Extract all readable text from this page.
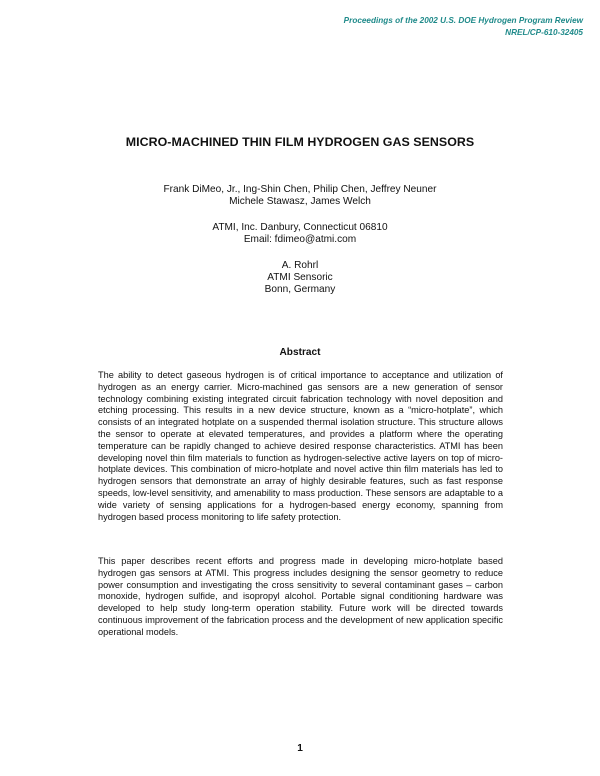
Proceedings of the 2002 U.S. DOE Hydrogen Program Review
NREL/CP-610-32405
MICRO-MACHINED THIN FILM HYDROGEN GAS SENSORS
Frank DiMeo, Jr., Ing-Shin Chen, Philip Chen, Jeffrey Neuner
Michele Stawasz, James Welch
ATMI, Inc. Danbury, Connecticut 06810
Email: fdimeo@atmi.com
A. Rohrl
ATMI Sensoric
Bonn, Germany
Abstract
The ability to detect gaseous hydrogen is of critical importance to acceptance and utilization of hydrogen as an energy carrier. Micro-machined gas sensors are a new generation of sensor technology combining existing integrated circuit fabrication technology with novel deposition and etching processing. This results in a new device structure, known as a “micro-hotplate”, which consists of an integrated hotplate on a suspended thermal isolation structure. This structure allows the sensor to operate at elevated temperatures, and provides a platform where the operating temperature can be rapidly changed to achieve desired response characteristics. ATMI has been developing novel thin film materials to function as hydrogen-selective active layers on top of micro-hotplate devices. This combination of micro-hotplate and novel active thin film materials has led to hydrogen sensors that demonstrate an array of highly desirable features, such as fast response speeds, low-level sensitivity, and amenability to mass production. These sensors are adaptable to a wide variety of sensing applications for a hydrogen-based energy economy, spanning from hydrogen based process monitoring to life safety protection.
This paper describes recent efforts and progress made in developing micro-hotplate based hydrogen gas sensors at ATMI. This progress includes designing the sensor geometry to reduce power consumption and investigating the cross sensitivity to several contaminant gases – carbon monoxide, hydrogen sulfide, and isopropyl alcohol. Portable signal conditioning hardware was developed to help study long-term operation stability. Future work will be directed towards continuous improvement of the fabrication process and the development of new application specific operational models.
1
